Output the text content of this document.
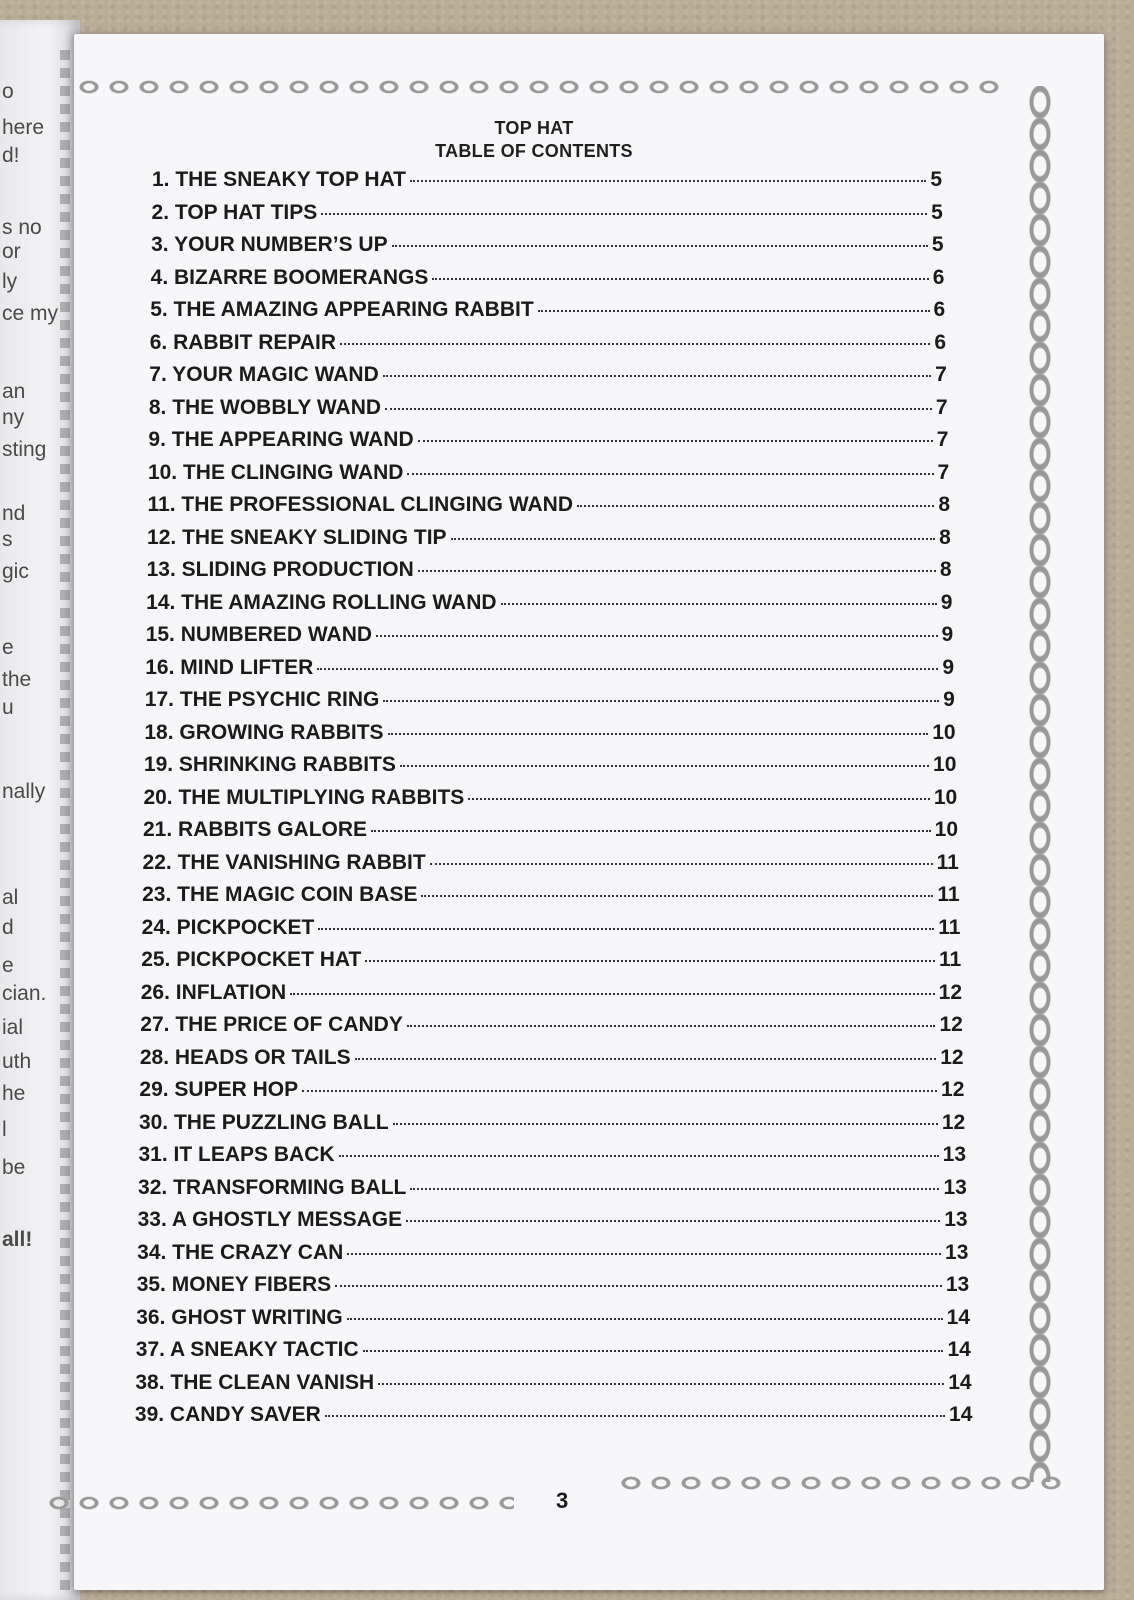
o
here
d!
s no
or
ly
ce my
an
ny
sting
nd
s
gic
e
the
u
nally
al
d
e
cian.
ial
uth
he
l
be
all!
TOP HAT
TABLE OF CONTENTS
1. THE SNEAKY TOP HAT	5
2. TOP HAT TIPS	5
3. YOUR NUMBER’S UP	5
4. BIZARRE BOOMERANGS	6
5. THE AMAZING APPEARING RABBIT	6
6. RABBIT REPAIR	6
7. YOUR MAGIC WAND	7
8. THE WOBBLY WAND	7
9. THE APPEARING WAND	7
10. THE CLINGING WAND	7
11. THE PROFESSIONAL CLINGING WAND	8
12. THE SNEAKY SLIDING TIP	8
13. SLIDING PRODUCTION	8
14. THE AMAZING ROLLING WAND	9
15. NUMBERED WAND	9
16. MIND LIFTER	9
17. THE PSYCHIC RING	9
18. GROWING RABBITS	10
19. SHRINKING RABBITS	10
20. THE MULTIPLYING RABBITS	10
21. RABBITS GALORE	10
22. THE VANISHING RABBIT	11
23. THE MAGIC COIN BASE	11
24. PICKPOCKET	11
25. PICKPOCKET HAT	11
26. INFLATION	12
27. THE PRICE OF CANDY	12
28. HEADS OR TAILS	12
29. SUPER HOP	12
30. THE PUZZLING BALL	12
31. IT LEAPS BACK	13
32. TRANSFORMING BALL	13
33. A GHOSTLY MESSAGE	13
34. THE CRAZY CAN	13
35. MONEY FIBERS	13
36. GHOST WRITING	14
37. A SNEAKY TACTIC	14
38. THE CLEAN VANISH	14
39. CANDY SAVER	14
3
